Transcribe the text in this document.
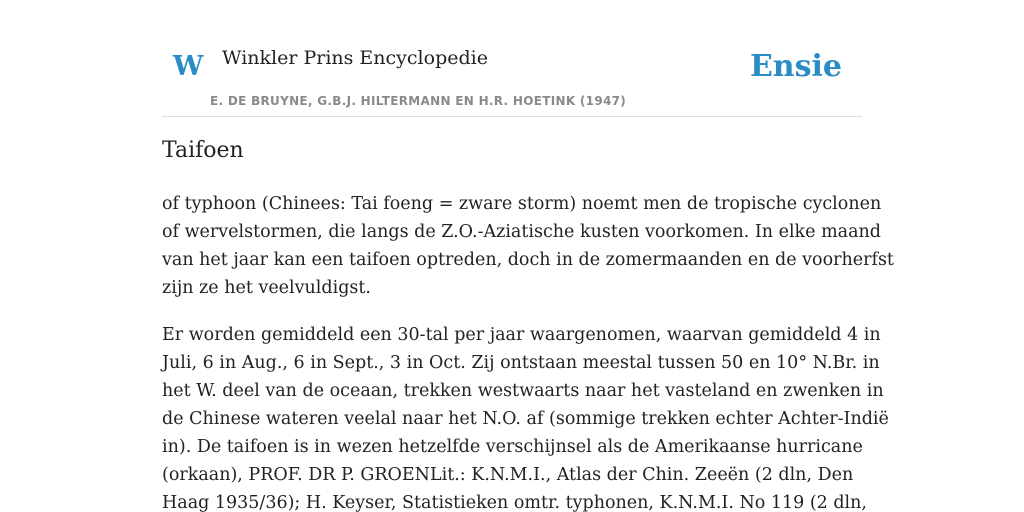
W Winkler Prins Encyclopedie
E. DE BRUYNE, G.B.J. HILTERMANN EN H.R. HOETINK (1947)
Ensie
Taifoen

of typhoon (Chinees: Tai foeng = zware storm) noemt men de tropische cyclonen
of wervelstormen, die langs de Z.O.-Aziatische kusten voorkomen. In elke maand
van het jaar kan een taifoen optreden, doch in de zomermaanden en de voorherfst
zijn ze het veelvuldigst.

Er worden gemiddeld een 30-tal per jaar waargenomen, waarvan gemiddeld 4 in
Juli, 6 in Aug., 6 in Sept., 3 in Oct. Zij ontstaan meestal tussen 50 en 10° N.Br. in
het W. deel van de oceaan, trekken westwaarts naar het vasteland en zwenken in
de Chinese wateren veelal naar het N.O. af (sommige trekken echter Achter-Indië
in). De taifoen is in wezen hetzelfde verschijnsel als de Amerikaanse hurricane
(orkaan), PROF. DR P. GROENLit.: K.N.M.I., Atlas der Chin. Zeeën (2 dln, Den
Haag 1935/36); H. Keyser, Statistieken omtr. typhonen, K.N.M.I. No 119 (2 dln,
